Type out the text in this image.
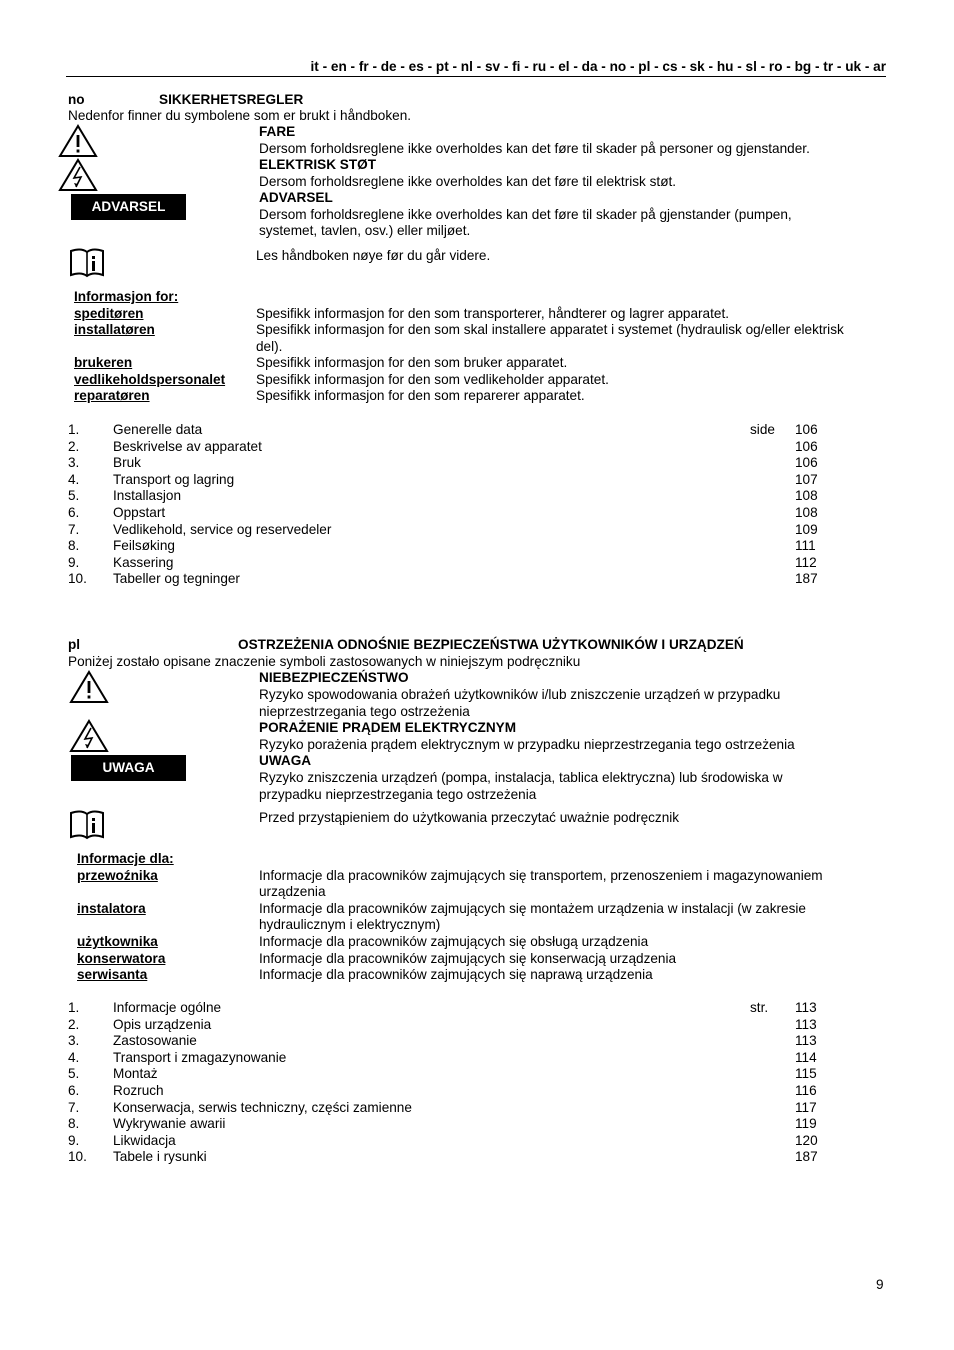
it - en - fr - de - es - pt - nl - sv - fi - ru - el - da - no - pl - cs - sk - hu - sl - ro - bg - tr - uk - ar
no	SIKKERHETSREGLER
Nedenfor finner du symbolene som er brukt i håndboken.
ADVARSEL
FARE
Dersom forholdsreglene ikke overholdes kan det føre til skader på personer og gjenstander.
ELEKTRISK STØT
Dersom forholdsreglene ikke overholdes kan det føre til elektrisk støt.
ADVARSEL
Dersom forholdsreglene ikke overholdes kan det føre til skader på gjenstander (pumpen,
systemet, tavlen, osv.) eller miljøet.
Les håndboken nøye før du går videre.
Informasjon for:
speditøren	Spesifikk informasjon for den som transporterer, håndterer og lagrer apparatet.
installatøren	Spesifikk informasjon for den som skal installere apparatet i systemet (hydraulisk og/eller elektrisk
del).
brukeren	Spesifikk informasjon for den som bruker apparatet.
vedlikeholdspersonalet Spesifikk informasjon for den som vedlikeholder apparatet.
reparatøren	Spesifikk informasjon for den som reparerer apparatet.
side
1. Generelle data	106
2. Beskrivelse av apparatet	106
3. Bruk	106
4. Transport og lagring	107
5. Installasjon	108
6. Oppstart	108
7. Vedlikehold, service og reservedeler	109
8. Feilsøking	111
9. Kassering	112
10. Tabeller og tegninger	187
pl	OSTRZEŻENIA ODNOŚNIE BEZPIECZEŃSTWA UŻYTKOWNIKÓW I URZĄDZEŃ
Poniżej zostało opisane znaczenie symboli zastosowanych w niniejszym podręczniku
UWAGA
NIEBEZPIECZEŃSTWO
Ryzyko spowodowania obrażeń użytkowników i/lub zniszczenie urządzeń w przypadku
nieprzestrzegania tego ostrzeżenia
PORAŻENIE PRĄDEM ELEKTRYCZNYM
Ryzyko porażenia prądem elektrycznym w przypadku nieprzestrzegania tego ostrzeżenia
UWAGA
Ryzyko zniszczenia urządzeń (pompa, instalacja, tablica elektryczna) lub środowiska w
przypadku nieprzestrzegania tego ostrzeżenia
Przed przystąpieniem do użytkowania przeczytać uważnie podręcznik
Informacje dla:
przewoźnika	Informacje dla pracowników zajmujących się transportem, przenoszeniem i magazynowaniem
urządzenia
instalatora	Informacje dla pracowników zajmujących się montażem urządzenia w instalacji (w zakresie
hydraulicznym i elektrycznym)
użytkownika	Informacje dla pracowników zajmujących się obsługą urządzenia
konserwatora	Informacje dla pracowników zajmujących się konserwacją urządzenia
serwisanta	Informacje dla pracowników zajmujących się naprawą urządzenia
str.
1. Informacje ogólne	113
2. Opis urządzenia	113
3. Zastosowanie	113
4. Transport i zmagazynowanie	114
5. Montaż	115
6. Rozruch	116
7. Konserwacja, serwis techniczny, części zamienne	117
8. Wykrywanie awarii	119
9. Likwidacja	120
10. Tabele i rysunki	187
9
